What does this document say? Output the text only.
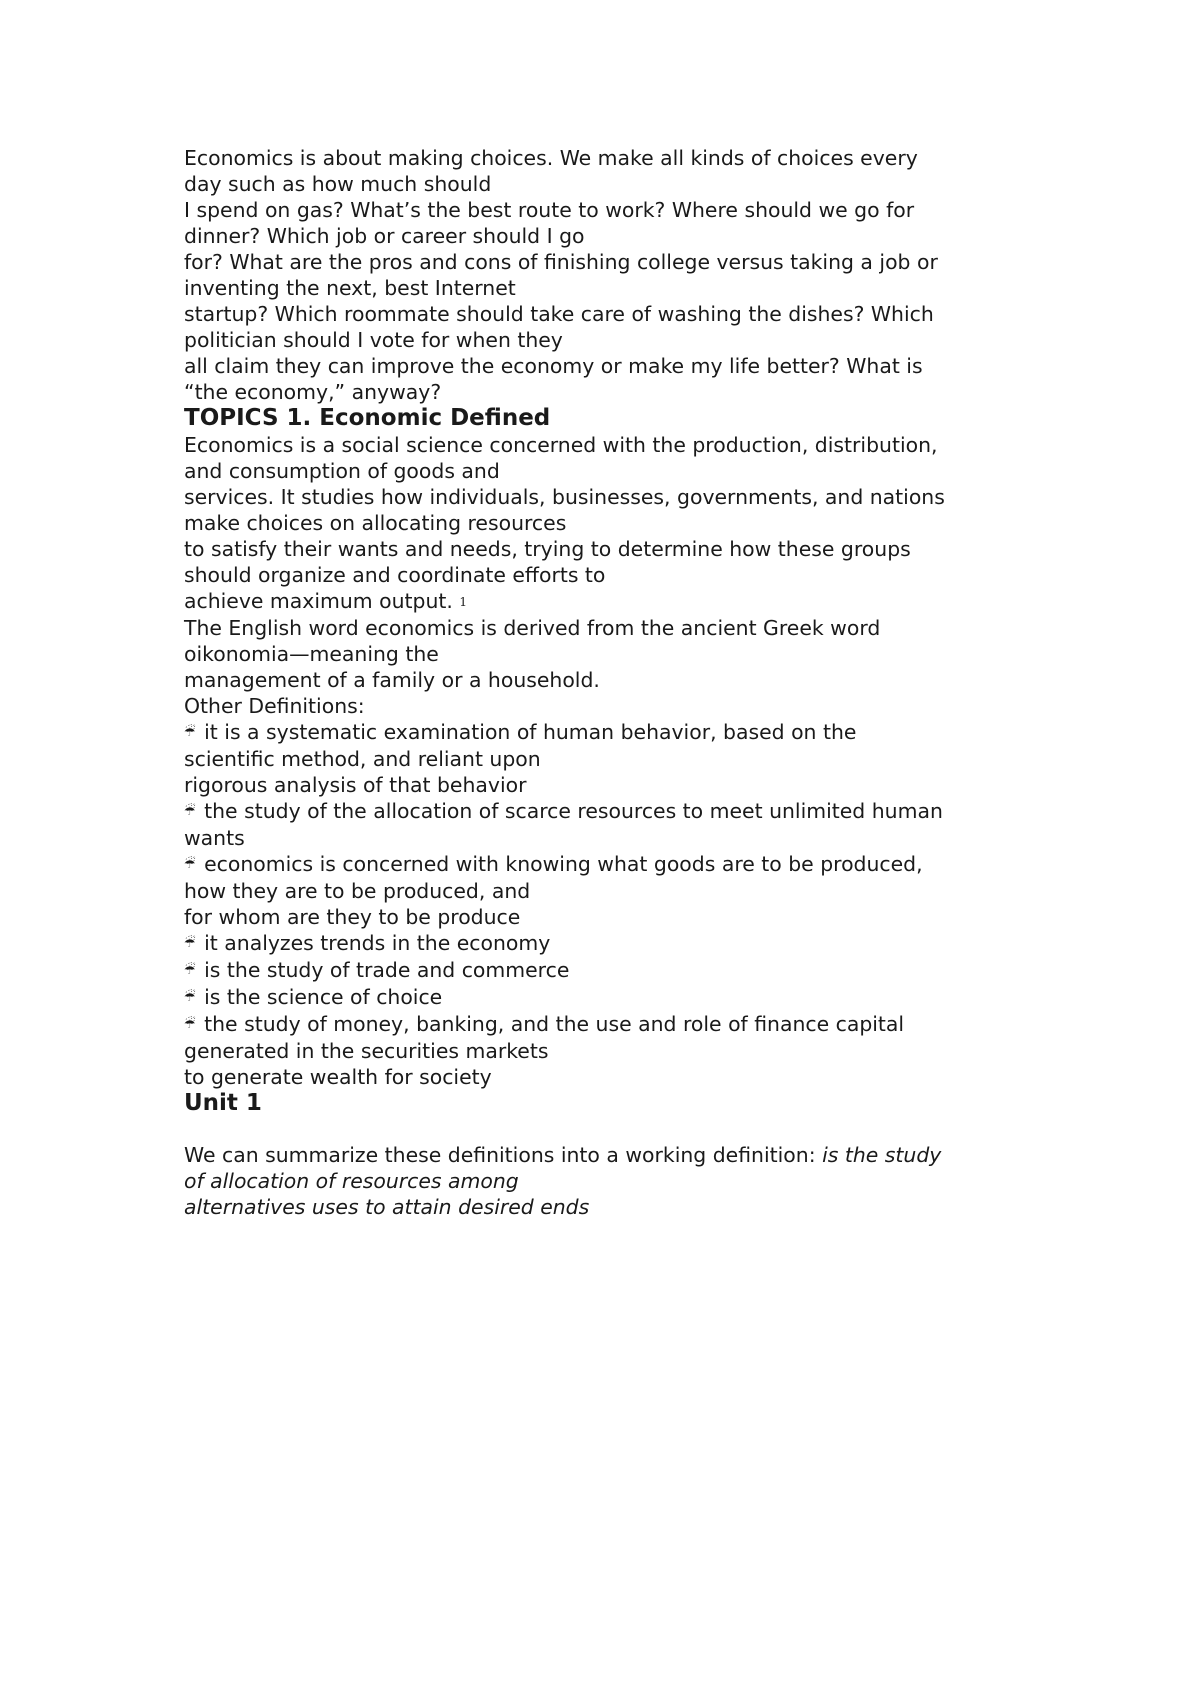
Economics is about making choices. We make all kinds of choices every
day such as how much should
I spend on gas? What’s the best route to work? Where should we go for
dinner? Which job or career should I go
for? What are the pros and cons of finishing college versus taking a job or
inventing the next, best Internet
startup? Which roommate should take care of washing the dishes? Which
politician should I vote for when they
all claim they can improve the economy or make my life better? What is
“the economy,” anyway?
TOPICS 1. Economic Defined
Economics is a social science concerned with the production, distribution,
and consumption of goods and
services. It studies how individuals, businesses, governments, and nations
make choices on allocating resources
to satisfy their wants and needs, trying to determine how these groups
should organize and coordinate efforts to
achieve maximum output. 1
The English word economics is derived from the ancient Greek word
oikonomia—meaning the
management of a family or a household.
Other Definitions:
☔ it is a systematic examination of human behavior, based on the
scientific method, and reliant upon
rigorous analysis of that behavior
☔ the study of the allocation of scarce resources to meet unlimited human
wants
☔ economics is concerned with knowing what goods are to be produced,
how they are to be produced, and
for whom are they to be produce
☔ it analyzes trends in the economy
☔ is the study of trade and commerce
☔ is the science of choice
☔ the study of money, banking, and the use and role of finance capital
generated in the securities markets
to generate wealth for society
Unit 1
We can summarize these definitions into a working definition: is the study
of allocation of resources among
alternatives uses to attain desired ends
